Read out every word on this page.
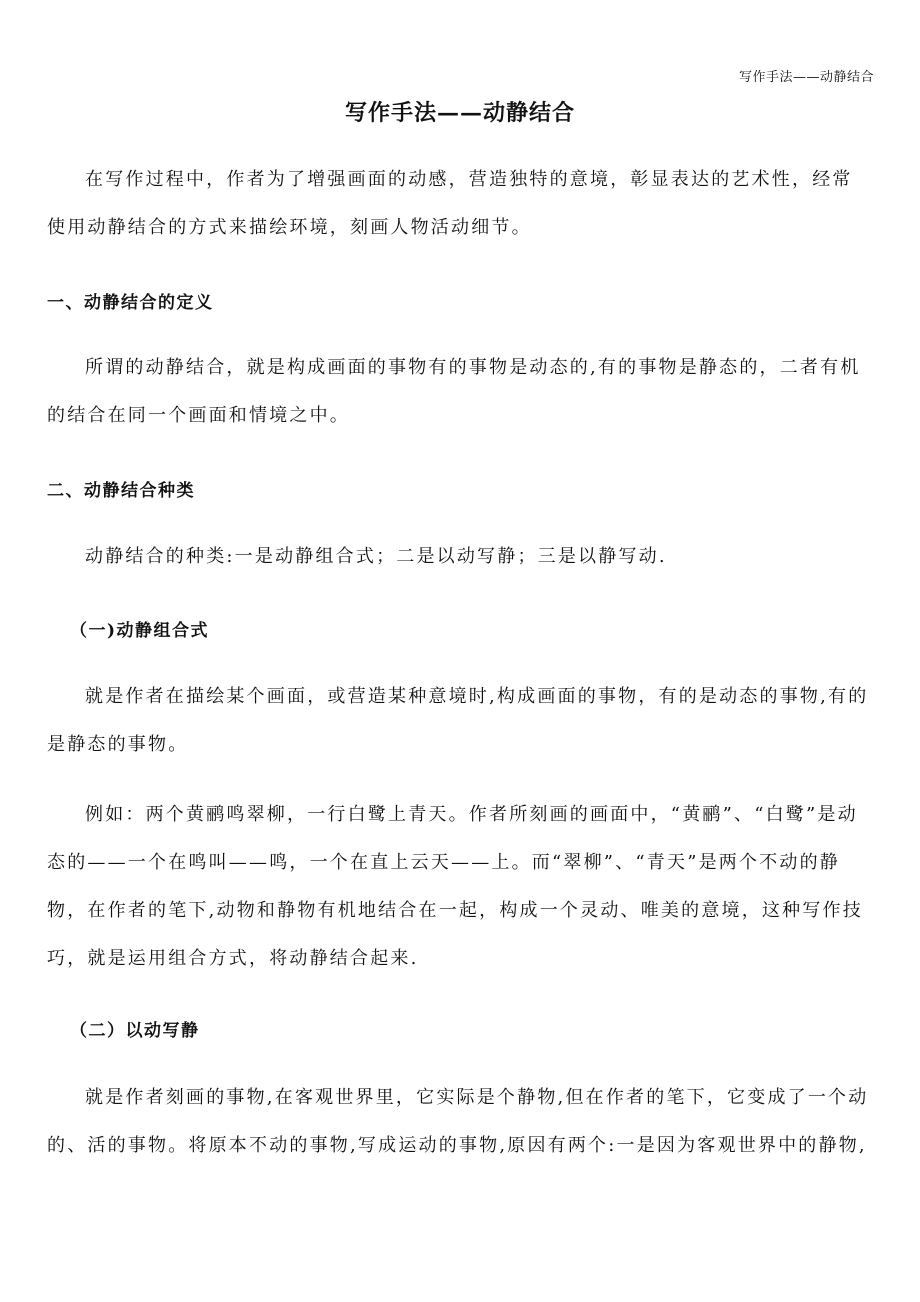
写作手法——动静结合
写作手法——动静结合

在写作过程中，作者为了增强画面的动感，营造独特的意境，彰显表达的艺术性，经常使用动静结合的方式来描绘环境，刻画人物活动细节。

一、动静结合的定义

所谓的动静结合，就是构成画面的事物有的事物是动态的,有的事物是静态的，二者有机的结合在同一个画面和情境之中。

二、动静结合种类

动静结合的种类:一是动静组合式；二是以动写静；三是以静写动.

（一)动静组合式

就是作者在描绘某个画面，或营造某种意境时,构成画面的事物，有的是动态的事物,有的是静态的事物。

例如：两个黄鹂鸣翠柳，一行白鹭上青天。作者所刻画的画面中，“黄鹂”、“白鹭”是动态的——一个在鸣叫——鸣，一个在直上云天——上。而“翠柳”、“青天”是两个不动的静物，在作者的笔下,动物和静物有机地结合在一起，构成一个灵动、唯美的意境，这种写作技巧，就是运用组合方式，将动静结合起来.

（二）以动写静

就是作者刻画的事物,在客观世界里，它实际是个静物,但在作者的笔下，它变成了一个动的、活的事物。将原本不动的事物,写成运动的事物,原因有两个:一是因为客观世界中的静物,
